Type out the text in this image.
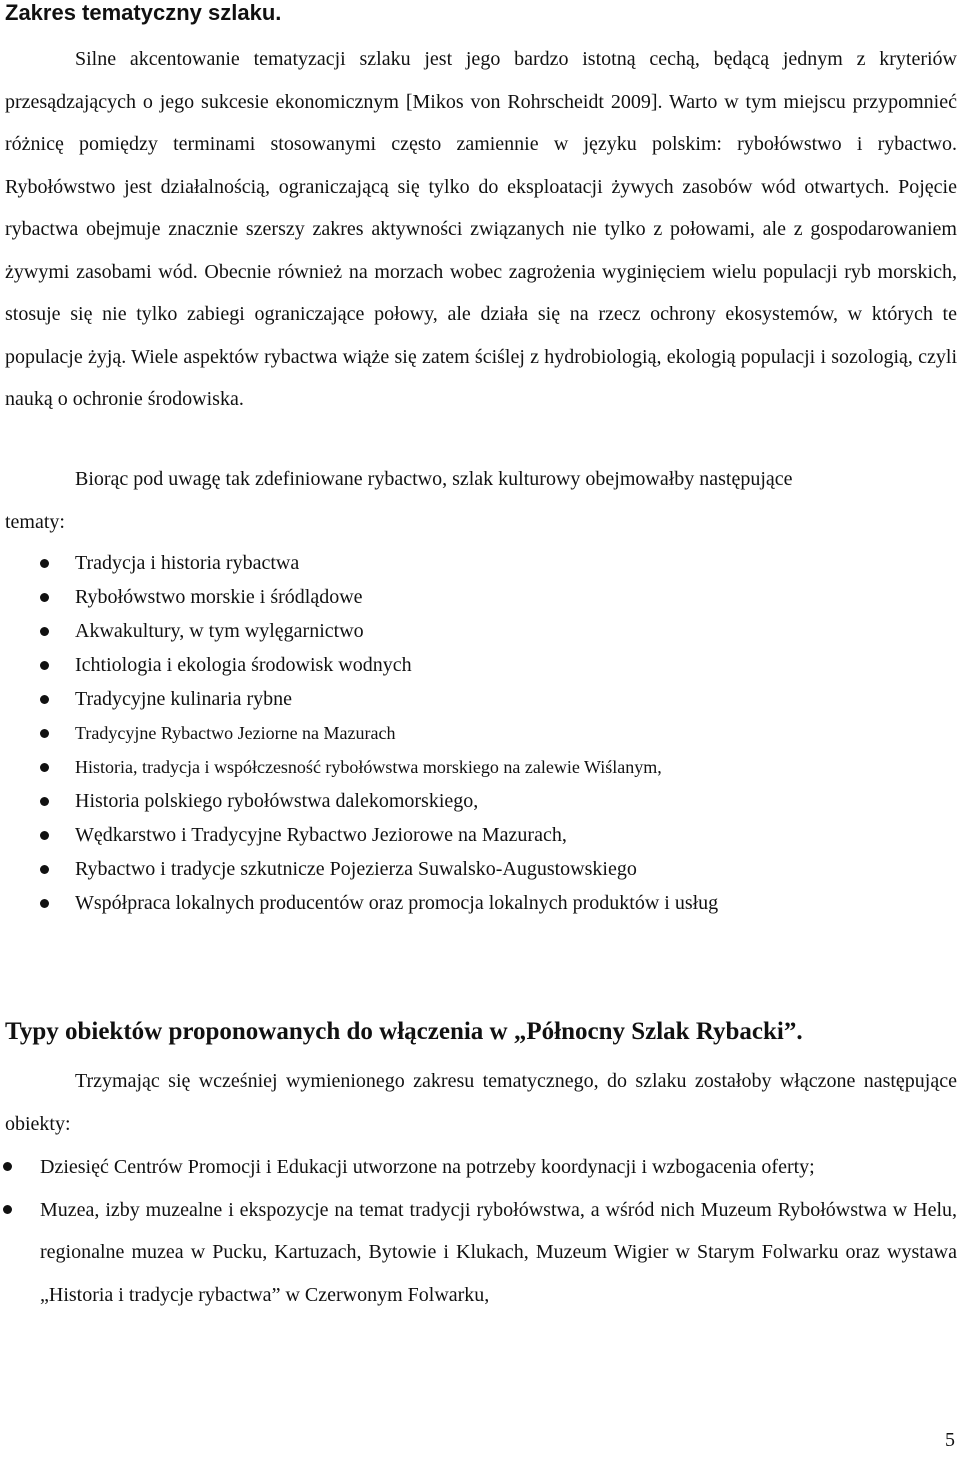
Zakres tematyczny szlaku.

Silne akcentowanie tematyzacji szlaku jest jego bardzo istotną cechą, będącą jednym z kryteriów przesądzających o jego sukcesie ekonomicznym [Mikos von Rohrscheidt 2009]. Warto w tym miejscu przypomnieć różnicę pomiędzy terminami stosowanymi często zamiennie w języku polskim: rybołówstwo i rybactwo. Rybołówstwo jest działalnością, ograniczającą się tylko do eksploatacji żywych zasobów wód otwartych. Pojęcie rybactwa obejmuje znacznie szerszy zakres aktywności związanych nie tylko z połowami, ale z gospodarowaniem żywymi zasobami wód. Obecnie również na morzach wobec zagrożenia wyginięciem wielu populacji ryb morskich, stosuje się nie tylko zabiegi ograniczające połowy, ale działa się na rzecz ochrony ekosystemów, w których te populacje żyją. Wiele aspektów rybactwa wiąże się zatem ściślej z hydrobiologią, ekologią populacji i sozologią, czyli nauką o ochronie środowiska.

Biorąc pod uwagę tak zdefiniowane rybactwo, szlak kulturowy obejmowałby następujące
tematy:

Tradycja i historia rybactwa
Rybołówstwo morskie i śródlądowe
Akwakultury, w tym wylęgarnictwo
Ichtiologia i ekologia środowisk wodnych
Tradycyjne kulinaria rybne
Tradycyjne Rybactwo Jeziorne na Mazurach
Historia, tradycja i współczesność rybołówstwa morskiego na zalewie Wiślanym,
Historia polskiego rybołówstwa dalekomorskiego,
Wędkarstwo i Tradycyjne Rybactwo Jeziorowe na Mazurach,
Rybactwo i tradycje szkutnicze Pojezierza Suwalsko-Augustowskiego
Współpraca lokalnych producentów oraz promocja lokalnych produktów i usług
Typy obiektów proponowanych do włączenia w „Północny Szlak Rybacki”.

Trzymając się wcześniej wymienionego zakresu tematycznego, do szlaku zostałoby włączone następujące obiekty:

Dziesięć Centrów Promocji i Edukacji utworzone na potrzeby koordynacji i wzbogacenia oferty;
Muzea, izby muzealne i ekspozycje na temat tradycji rybołówstwa, a wśród nich Muzeum Rybołówstwa w Helu, regionalne muzea w Pucku, Kartuzach, Bytowie i Klukach, Muzeum Wigier w Starym Folwarku oraz wystawa „Historia i tradycje rybactwa” w Czerwonym Folwarku,
5
